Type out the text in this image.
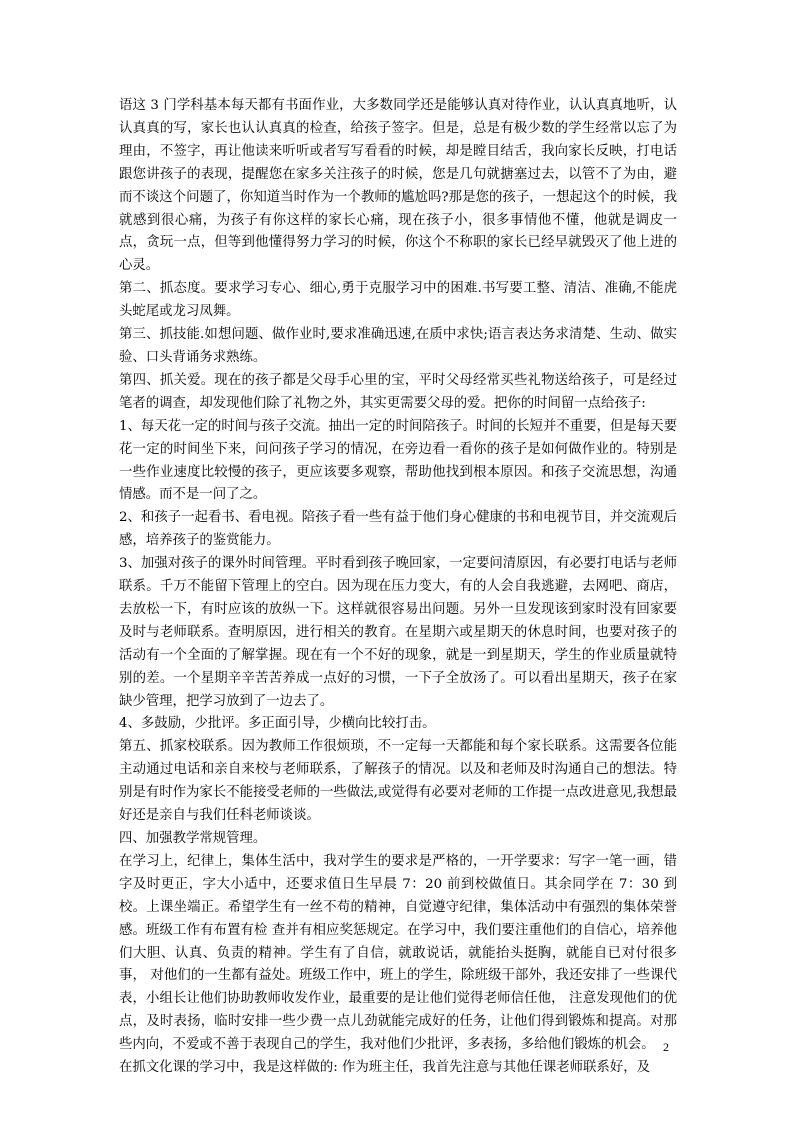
语这 3 门学科基本每天都有书面作业，大多数同学还是能够认真对待作业，认认真真地听，认认真真的写，家长也认认真真的检查，给孩子签字。但是，总是有极少数的学生经常以忘了为理由，不签字，再让他读来听听或者写写看看的时候，却是瞠目结舌，我向家长反映，打电话跟您讲孩子的表现，提醒您在家多关注孩子的时候，您是几句就搪塞过去，以管不了为由，避而不谈这个问题了，你知道当时作为一个教师的尴尬吗?那是您的孩子，一想起这个的时候，我就感到很心痛，为孩子有你这样的家长心痛，现在孩子小，很多事情他不懂，他就是调皮一点，贪玩一点，但等到他懂得努力学习的时候，你这个不称职的家长已经早就毁灭了他上进的心灵。

第二、抓态度。要求学习专心、细心,勇于克服学习中的困难.书写要工整、清洁、准确,不能虎头蛇尾或龙习凤舞。

第三、抓技能.如想问题、做作业时,要求准确迅速,在质中求快;语言表达务求清楚、生动、做实验、口头背诵务求熟练。

第四、抓关爱。现在的孩子都是父母手心里的宝，平时父母经常买些礼物送给孩子，可是经过笔者的调查，却发现他们除了礼物之外，其实更需要父母的爱。把你的时间留一点给孩子:

1、每天花一定的时间与孩子交流。抽出一定的时间陪孩子。时间的长短并不重要，但是每天要花一定的时间坐下来，问问孩子学习的情况，在旁边看一看你的孩子是如何做作业的。特别是一些作业速度比较慢的孩子，更应该要多观察，帮助他找到根本原因。和孩子交流思想，沟通情感。而不是一问了之。

2、和孩子一起看书、看电视。陪孩子看一些有益于他们身心健康的书和电视节目，并交流观后感，培养孩子的鉴赏能力。

3、加强对孩子的课外时间管理。平时看到孩子晚回家，一定要问清原因，有必要打电话与老师联系。千万不能留下管理上的空白。因为现在压力变大，有的人会自我逃避，去网吧、商店，去放松一下，有时应该的放纵一下。这样就很容易出问题。另外一旦发现该到家时没有回家要及时与老师联系。查明原因，进行相关的教育。在星期六或星期天的休息时间，也要对孩子的活动有一个全面的了解掌握。现在有一个不好的现象，就是一到星期天，学生的作业质量就特别的差。一个星期辛辛苦苦养成一点好的习惯，一下子全放汤了。可以看出星期天，孩子在家缺少管理，把学习放到了一边去了。

4、多鼓励，少批评。多正面引导，少横向比较打击。

第五、抓家校联系。因为教师工作很烦琐，不一定每一天都能和每个家长联系。这需要各位能主动通过电话和亲自来校与老师联系，了解孩子的情况。以及和老师及时沟通自己的想法。特别是有时作为家长不能接受老师的一些做法,或觉得有必要对老师的工作提一点改进意见,我想最好还是亲自与我们任科老师谈谈。

四、加强教学常规管理。

在学习上，纪律上，集体生活中，我对学生的要求是严格的，一开学要求：写字一笔一画，错字及时更正，字大小适中，还要求值日生早晨 7：20 前到校做值日。其余同学在 7：30 到校。上课坐端正。希望学生有一丝不苟的精神，自觉遵守纪律，集体活动中有强烈的集体荣誉感。班级工作有布置有检 查并有相应奖惩规定。在学习中，我们要注重他们的自信心，培养他们大胆、认真、负责的精神。学生有了自信，就敢说话，就能抬头挺胸，就能自已对付很多事， 对他们的一生都有益处。班级工作中，班上的学生，除班级干部外，我还安排了一些课代表，小组长让他们协助教师收发作业，最重要的是让他们觉得老师信任他， 注意发现他们的优点，及时表扬，临时安排一些少费一点儿劲就能完成好的任务，让他们得到锻炼和提高。对那些内向，不爱或不善于表现自己的学生，我对他们少批评，多表扬，多给他们锻炼的机会。

在抓文化课的学习中，我是这样做的: 作为班主任，我首先注意与其他任课老师联系好，及

2
